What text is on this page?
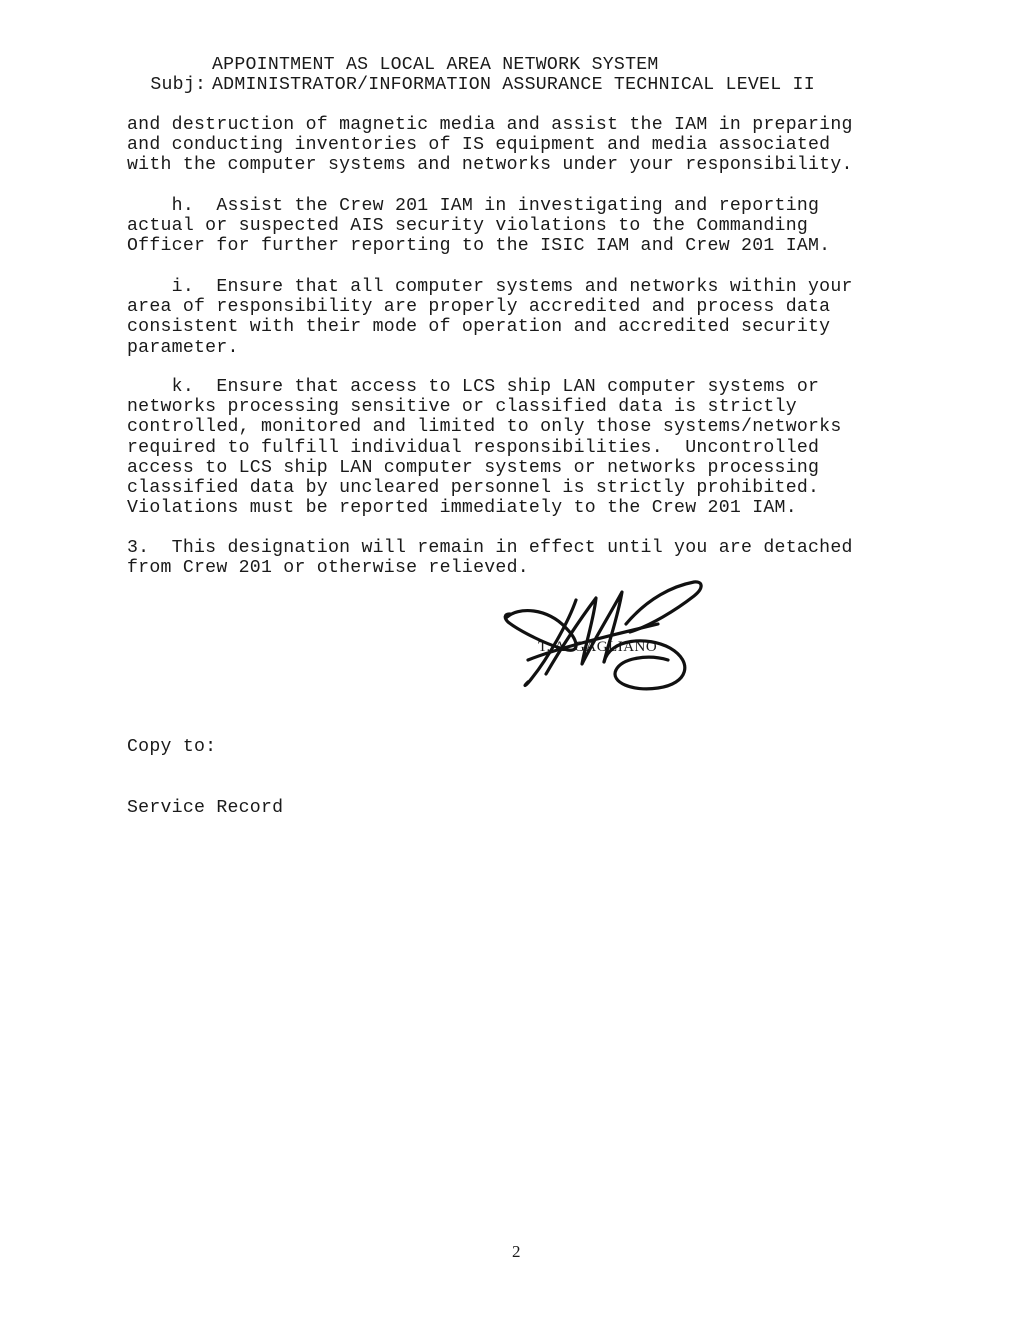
Subj:

APPOINTMENT AS LOCAL AREA NETWORK SYSTEM
ADMINISTRATOR/INFORMATION ASSURANCE TECHNICAL LEVEL II

and destruction of magnetic media and assist the IAM in preparing
and conducting inventories of IS equipment and media associated
with the computer systems and networks under your responsibility.

h.  Assist the Crew 201 IAM in investigating and reporting
actual or suspected AIS security violations to the Commanding
Officer for further reporting to the ISIC IAM and Crew 201 IAM.

i.  Ensure that all computer systems and networks within your
area of responsibility are properly accredited and process data
consistent with their mode of operation and accredited security
parameter.

k.  Ensure that access to LCS ship LAN computer systems or
networks processing sensitive or classified data is strictly
controlled, monitored and limited to only those systems/networks
required to fulfill individual responsibilities.  Uncontrolled
access to LCS ship LAN computer systems or networks processing
classified data by uncleared personnel is strictly prohibited.
Violations must be reported immediately to the Crew 201 IAM.

3.  This designation will remain in effect until you are detached
from Crew 201 or otherwise relieved.

T. A. GAGLIANO

Copy to:

Service Record

2
